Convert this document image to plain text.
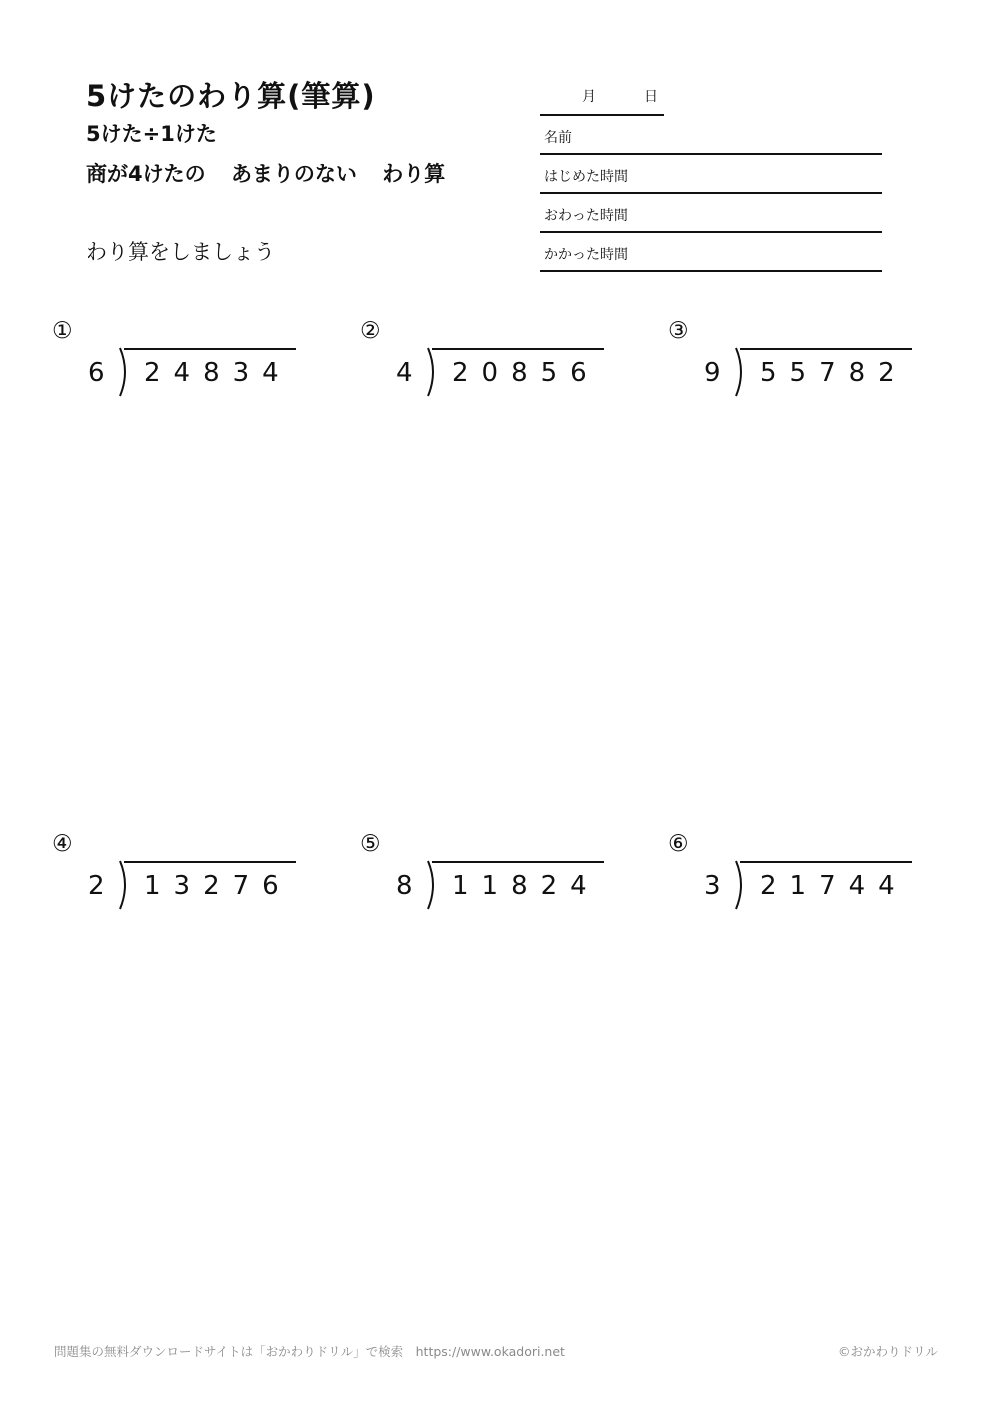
5けたのわり算(筆算)
5けた÷1けた
商が4けたの あまりのない わり算
わり算をしましょう
月	日
名前
はじめた時間
おわった時間
かかった時間
①
6 24834
②
4 20856
③
9 55782
④
2 13276
⑤
8 11824
⑥
3 21744
問題集の無料ダウンロードサイトは「おかわりドリル」で検索　https://www.okadori.net	©おかわりドリル
